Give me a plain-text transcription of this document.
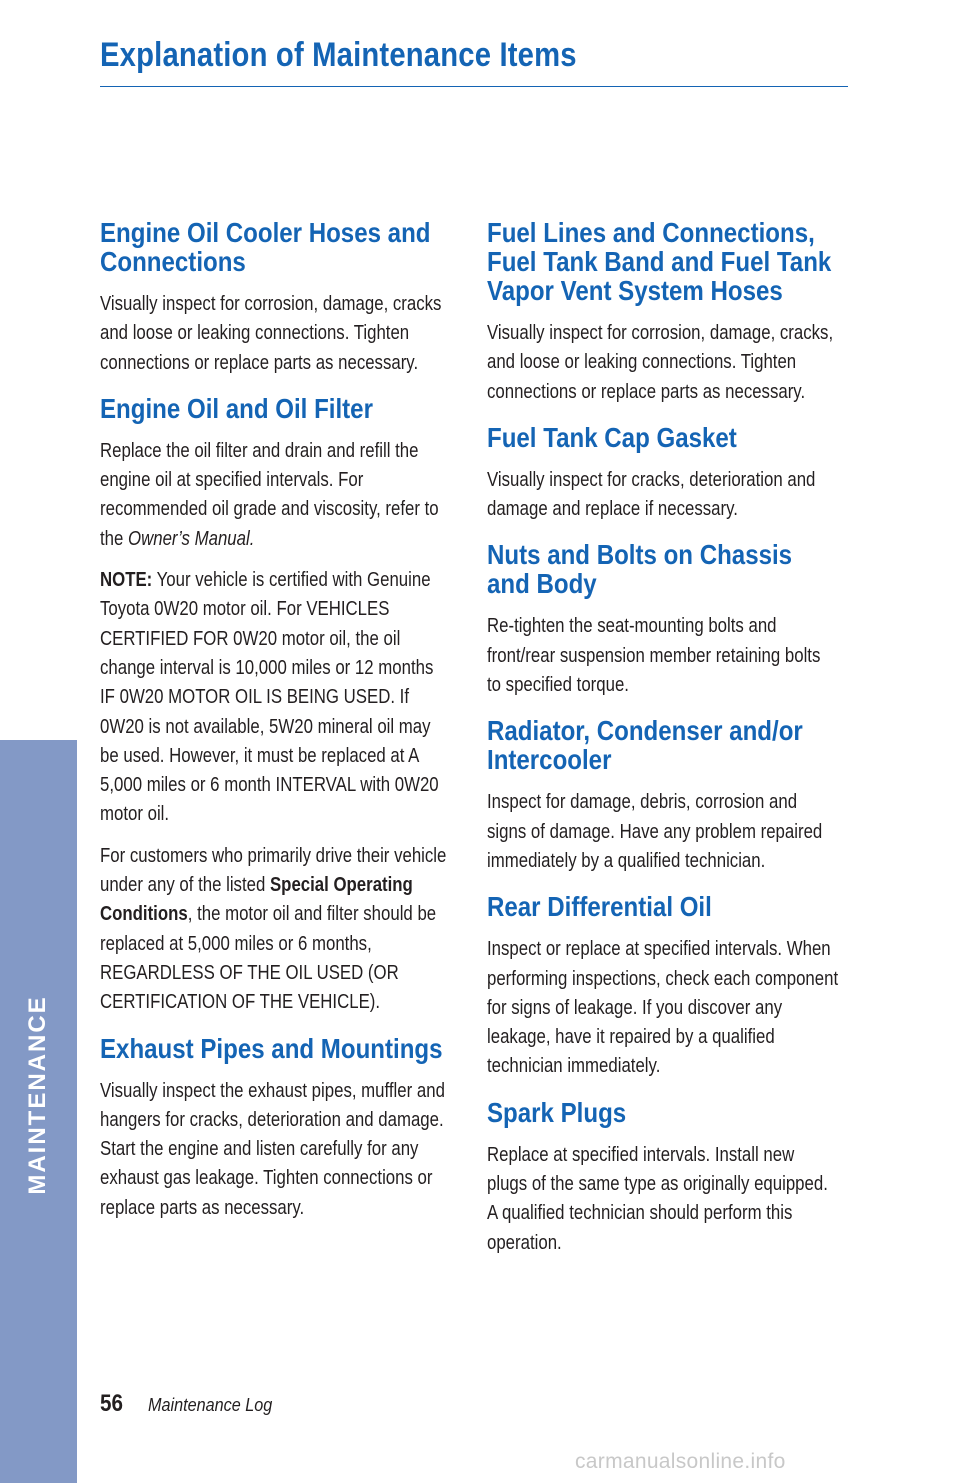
Explanation of Maintenance Items
MAINTENANCE
Engine Oil Cooler Hoses and Connections

Visually inspect for corrosion, damage, cracks and loose or leaking connections. Tighten connections or replace parts as necessary.

Engine Oil and Oil Filter

Replace the oil filter and drain and refill the engine oil at specified intervals. For recommended oil grade and viscosity, refer to the Owner’s Manual.

NOTE: Your vehicle is certified with Genuine Toyota 0W20 motor oil. For VEHICLES CERTIFIED FOR 0W20 motor oil, the oil change interval is 10,000 miles or 12 months IF 0W20 MOTOR OIL IS BEING USED. If 0W20 is not available, 5W20 mineral oil may be used. However, it must be replaced at A 5,000 miles or 6 month INTERVAL with 0W20 motor oil.

For customers who primarily drive their vehicle under any of the listed Special Operating Conditions, the motor oil and filter should be replaced at 5,000 miles or 6 months, REGARDLESS OF THE OIL USED (OR CERTIFICATION OF THE VEHICLE).

Exhaust Pipes and Mountings

Visually inspect the exhaust pipes, muffler and hangers for cracks, deterioration and damage. Start the engine and listen carefully for any exhaust gas leakage. Tighten connections or replace parts as necessary.

Fuel Lines and Connections, Fuel Tank Band and Fuel Tank Vapor Vent System Hoses

Visually inspect for corrosion, damage, cracks, and loose or leaking connections. Tighten connections or replace parts as necessary.

Fuel Tank Cap Gasket

Visually inspect for cracks, deterioration and damage and replace if necessary.

Nuts and Bolts on Chassis and Body

Re-tighten the seat-mounting bolts and front/rear suspension member retaining bolts to specified torque.

Radiator, Condenser and/or Intercooler

Inspect for damage, debris, corrosion and signs of damage. Have any problem repaired immediately by a qualified technician.

Rear Differential Oil

Inspect or replace at specified intervals. When performing inspections, check each component for signs of leakage. If you discover any leakage, have it repaired by a qualified technician immediately.

Spark Plugs

Replace at specified intervals. Install new plugs of the same type as originally equipped. A qualified technician should perform this operation.

56 Maintenance Log
carmanualsonline.info
